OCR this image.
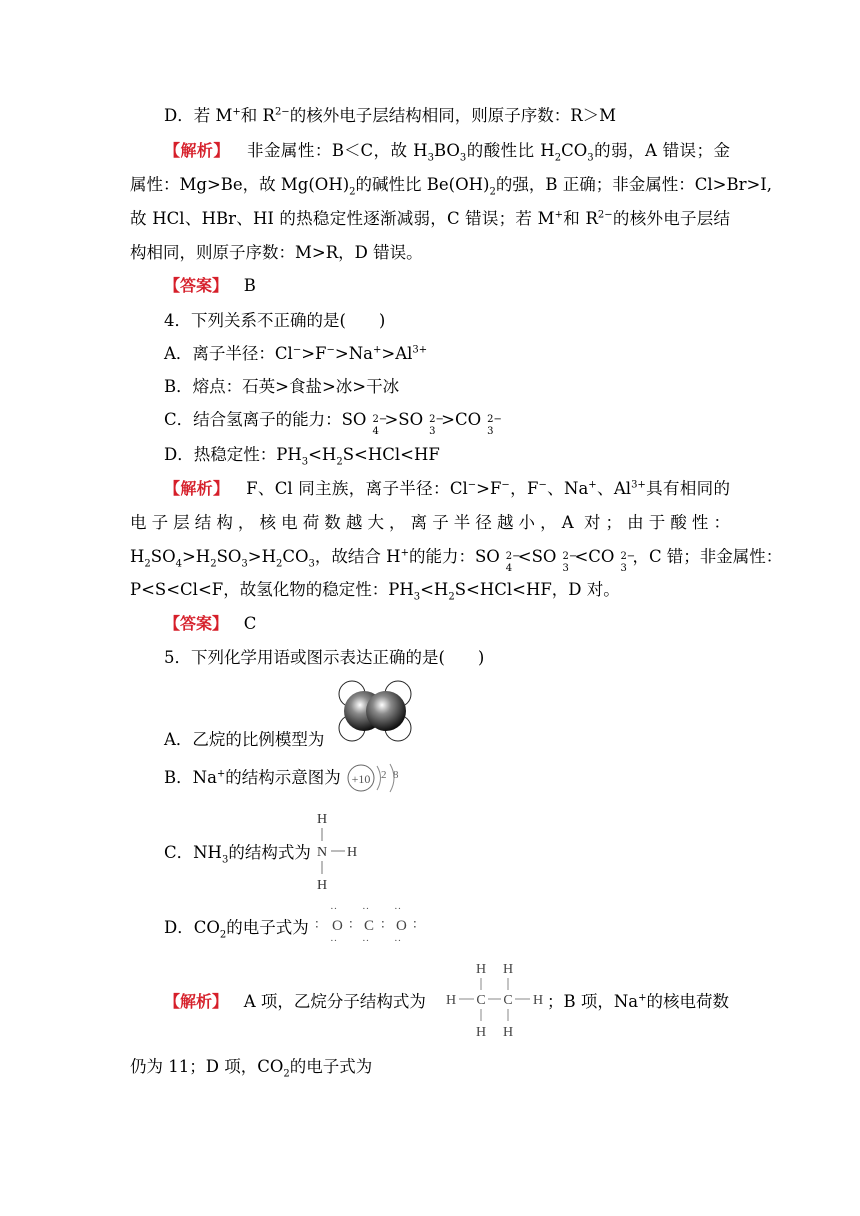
D．若 M+和 $R^{2-}$的核外电子层结构相同，则原子序数：R＞M
【解析】 非金属性：B＜C，故 $H_3BO_3$的酸性比 $H_2CO_3$的弱，A 错误；金
属性：Mg>Be，故 $Mg(OH)_2$的碱性比 $Be(OH)_2$的强，B 正确；非金属性：Cl>Br>I,
故 HCl、HBr、HI 的热稳定性逐渐减弱，C 错误；若 M+和 $R^{2-}$的核外电子层结
构相同，则原子序数：M>R，D 错误。
【答案】 B
4．下列关系不正确的是(　　)
A．离子半径：$Cl^->F^->Na^+>Al^{3+}$
B．熔点：石英>食盐>冰>干冰
C．结合氢离子的能力：SO 2−
4
>SO 2−
3
>CO 2−
3
D．热稳定性：$PH_3<H_2S<HCl<HF$
【解析】 F、Cl 同主族，离子半径：Cl−>F−，F−、Na+、$Al^{3+}$具有相同的
电子层结构，核电荷数越大，离子半径越小，A 对；由于酸性：
$H_2SO_4>H_2SO_3>H_2CO_3$，故结合 H+的能力：SO 2−
4
<SO 2−
3
<CO 2−
3
，C 错；非金属性：
P<S<Cl<F，故氢化物的稳定性：$PH_3<H_2S<HCl<HF$，D 对。
【答案】 C
5．下列化学用语或图示表达正确的是(　　)
A．乙烷的比例模型为
B．Na+的结构示意图为 +10 2 8
C．$NH_3$的结构式为
H
N H
H
D．$CO_2$的电子式为 ∶
··
O
··
∶
··
C
··
∶
··
O
··
∶
【解析】 A 项，乙烷分子结构式为
H H
H C C H
H H
；B 项，Na+的核电荷数
仍为 11；D 项，$CO_2$的电子式为
